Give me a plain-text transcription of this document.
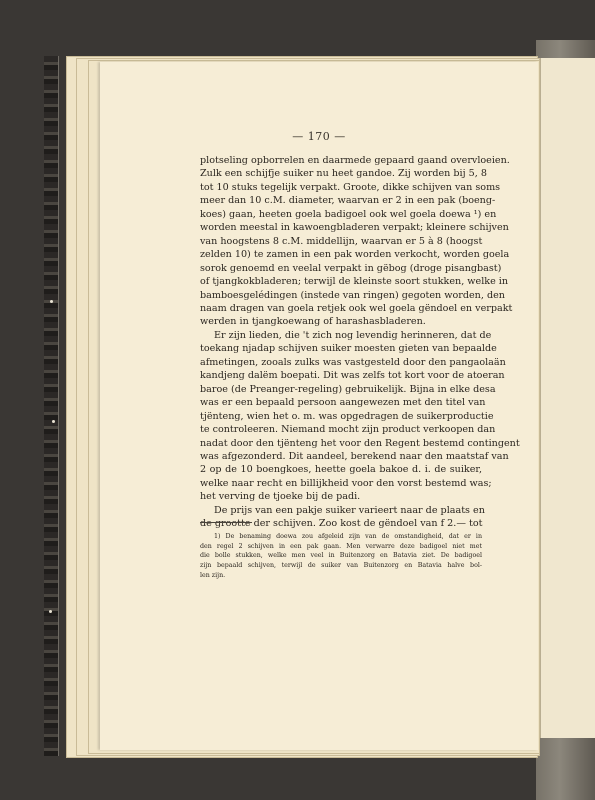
— 170 —

plotseling opborrelen en daarmede gepaard gaand overvloeien.
Zulk een schijfje suiker nu heet gandoe. Zij worden bij 5, 8
tot 10 stuks tegelijk verpakt. Groote, dikke schijven van soms
meer dan 10 c.M. diameter, waarvan er 2 in een pak (boeng-
koes) gaan, heeten goela badigoel ook wel goela doewa ¹) en
worden meestal in kawoengbladeren verpakt; kleinere schijven
van hoogstens 8 c.M. middellijn, waarvan er 5 à 8 (hoogst
zelden 10) te zamen in een pak worden verkocht, worden goela
sorok genoemd en veelal verpakt in gëbog (droge pisangbast)
of tjangkokbladeren; terwijl de kleinste soort stukken, welke in
bamboesgelédingen (instede van ringen) gegoten worden, den
naam dragen van goela retjek ook wel goela gëndoel en verpakt
werden in tjangkoewang of harashasbladeren.

Er zijn lieden, die 't zich nog levendig herinneren, dat de
toekang njadap schijven suiker moesten gieten van bepaalde
afmetingen, zooals zulks was vastgesteld door den pangaolaän
kandjeng dalëm boepati. Dit was zelfs tot kort voor de atoeran
baroe (de Preanger-regeling) gebruikelijk. Bijna in elke desa
was er een bepaald persoon aangewezen met den titel van
tjënteng, wien het o. m. was opgedragen de suikerproductie
te controleeren. Niemand mocht zijn product verkoopen dan
nadat door den tjënteng het voor den Regent bestemd contingent
was afgezonderd. Dit aandeel, berekend naar den maatstaf van
2 op de 10 boengkoes, heette goela bakoe d. i. de suiker,
welke naar recht en billijkheid voor den vorst bestemd was;
het verving de tjoeke bij de padi.

De prijs van een pakje suiker varieert naar de plaats en
de grootte der schijven. Zoo kost de gëndoel van f 2.— tot

1) De benaming doewa zou afgeleid zijn van de omstandigheid, dat er in
den regel 2 schijven in een pak gaan. Men verwarre deze badigoel niet met
die bolle stukken, welke men veel in Buitenzorg en Batavia ziet. De badigoel
zijn bepaald schijven, terwijl de suiker van Buitenzorg en Batavia halve bol-
len zijn.
